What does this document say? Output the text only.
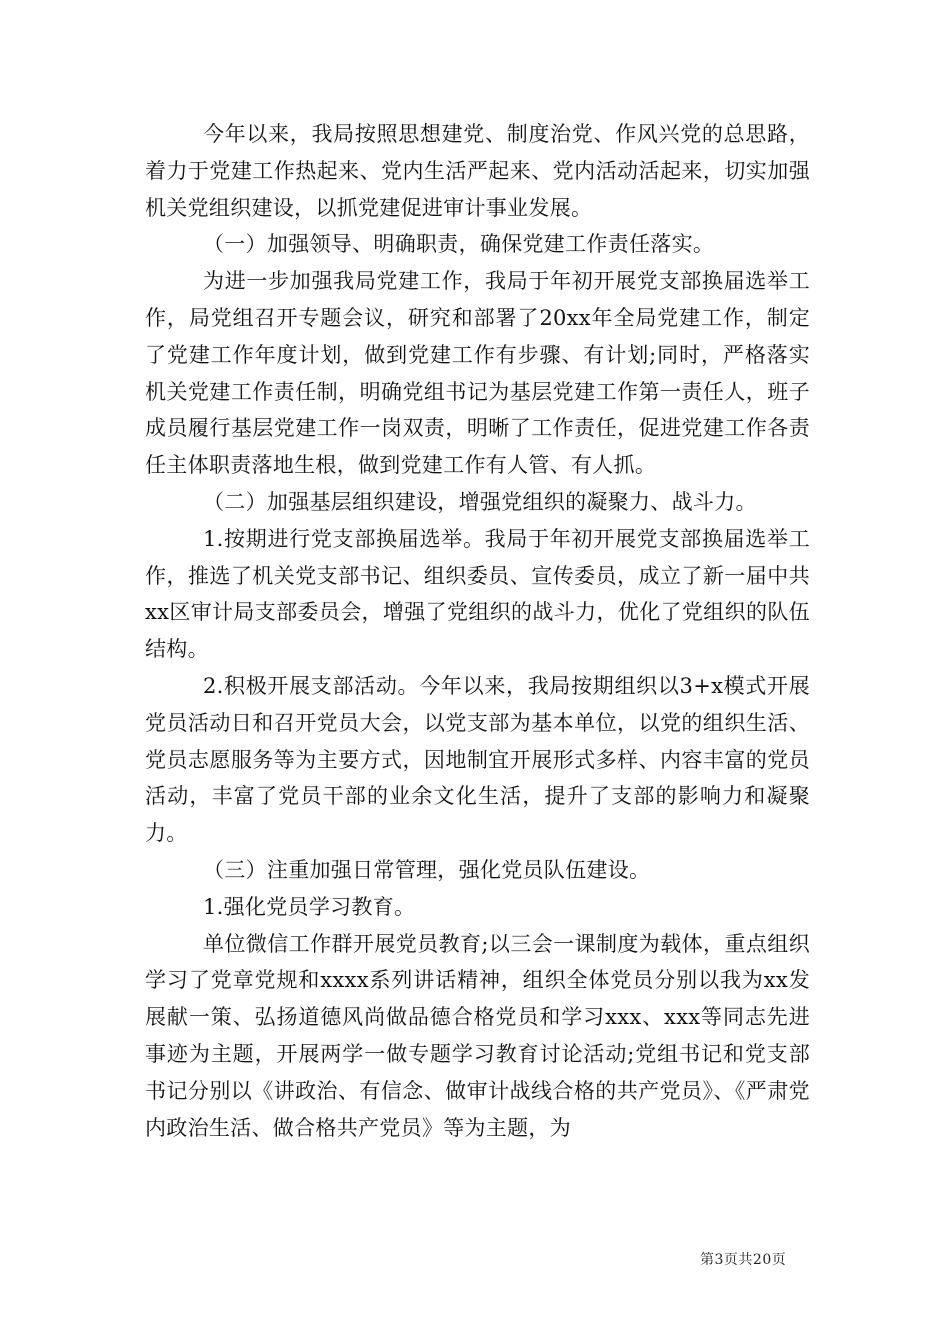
今年以来，我局按照思想建党、制度治党、作风兴党的总思路，着力于党建工作热起来、党内生活严起来、党内活动活起来，切实加强机关党组织建设，以抓党建促进审计事业发展。

（一）加强领导、明确职责，确保党建工作责任落实。

为进一步加强我局党建工作，我局于年初开展党支部换届选举工作，局党组召开专题会议，研究和部署了20xx年全局党建工作，制定了党建工作年度计划，做到党建工作有步骤、有计划;同时，严格落实机关党建工作责任制，明确党组书记为基层党建工作第一责任人，班子成员履行基层党建工作一岗双责，明晰了工作责任，促进党建工作各责任主体职责落地生根，做到党建工作有人管、有人抓。

（二）加强基层组织建设，增强党组织的凝聚力、战斗力。

1.按期进行党支部换届选举。我局于年初开展党支部换届选举工作，推选了机关党支部书记、组织委员、宣传委员，成立了新一届中共xx区审计局支部委员会，增强了党组织的战斗力，优化了党组织的队伍结构。

2.积极开展支部活动。今年以来，我局按期组织以3+x模式开展党员活动日和召开党员大会，以党支部为基本单位，以党的组织生活、党员志愿服务等为主要方式，因地制宜开展形式多样、内容丰富的党员活动，丰富了党员干部的业余文化生活，提升了支部的影响力和凝聚力。

（三）注重加强日常管理，强化党员队伍建设。

1.强化党员学习教育。

单位微信工作群开展党员教育;以三会一课制度为载体，重点组织学习了党章党规和xxxx系列讲话精神，组织全体党员分别以我为xx发展献一策、弘扬道德风尚做品德合格党员和学习xxx、xxx等同志先进事迹为主题，开展两学一做专题学习教育讨论活动;党组书记和党支部书记分别以《讲政治、有信念、做审计战线合格的共产党员》、《严肃党内政治生活、做合格共产党员》等为主题，为

第3页共20页
